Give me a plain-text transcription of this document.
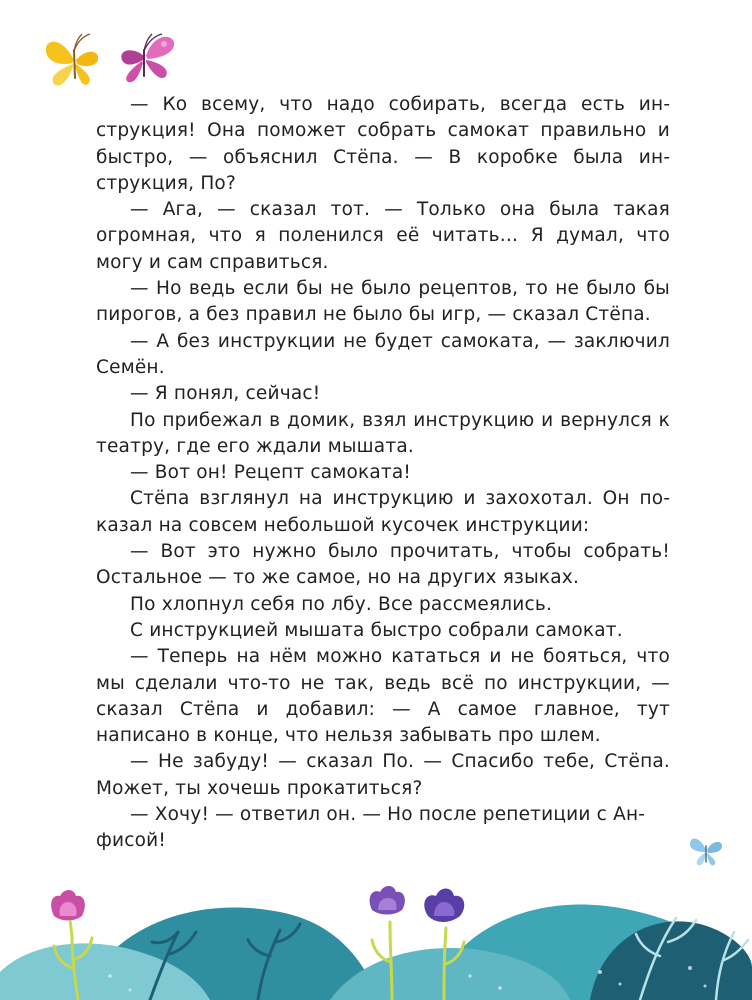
— Ко всему, что надо собирать, всегда есть инструкция! Она поможет собрать самокат правильно и быстро, — объяснил Стёпа. — В коробке была инструкция, По?

— Ага, — сказал тот. — Только она была такая огромная, что я поленился её читать… Я думал, что могу и сам справиться.

— Но ведь если бы не было рецептов, то не было бы пирогов, а без правил не было бы игр, — сказал Стёпа.

— А без инструкции не будет самоката, — заключил Семён.

— Я понял, сейчас!

По прибежал в домик, взял инструкцию и вернулся к театру, где его ждали мышата.

— Вот он! Рецепт самоката!

Стёпа взглянул на инструкцию и захохотал. Он показал на совсем небольшой кусочек инструкции:

— Вот это нужно было прочитать, чтобы собрать! Остальное — то же самое, но на других языках.

По хлопнул себя по лбу. Все рассмеялись.

С инструкцией мышата быстро собрали самокат.

— Теперь на нём можно кататься и не бояться, что мы сделали что-то не так, ведь всё по инструкции, — сказал Стёпа и добавил: — А самое главное, тут написано в конце, что нельзя забывать про шлем.

— Не забуду! — сказал По. — Спасибо тебе, Стёпа. Может, ты хочешь прокатиться?

— Хочу! — ответил он. — Но после репетиции с Анфисой!
